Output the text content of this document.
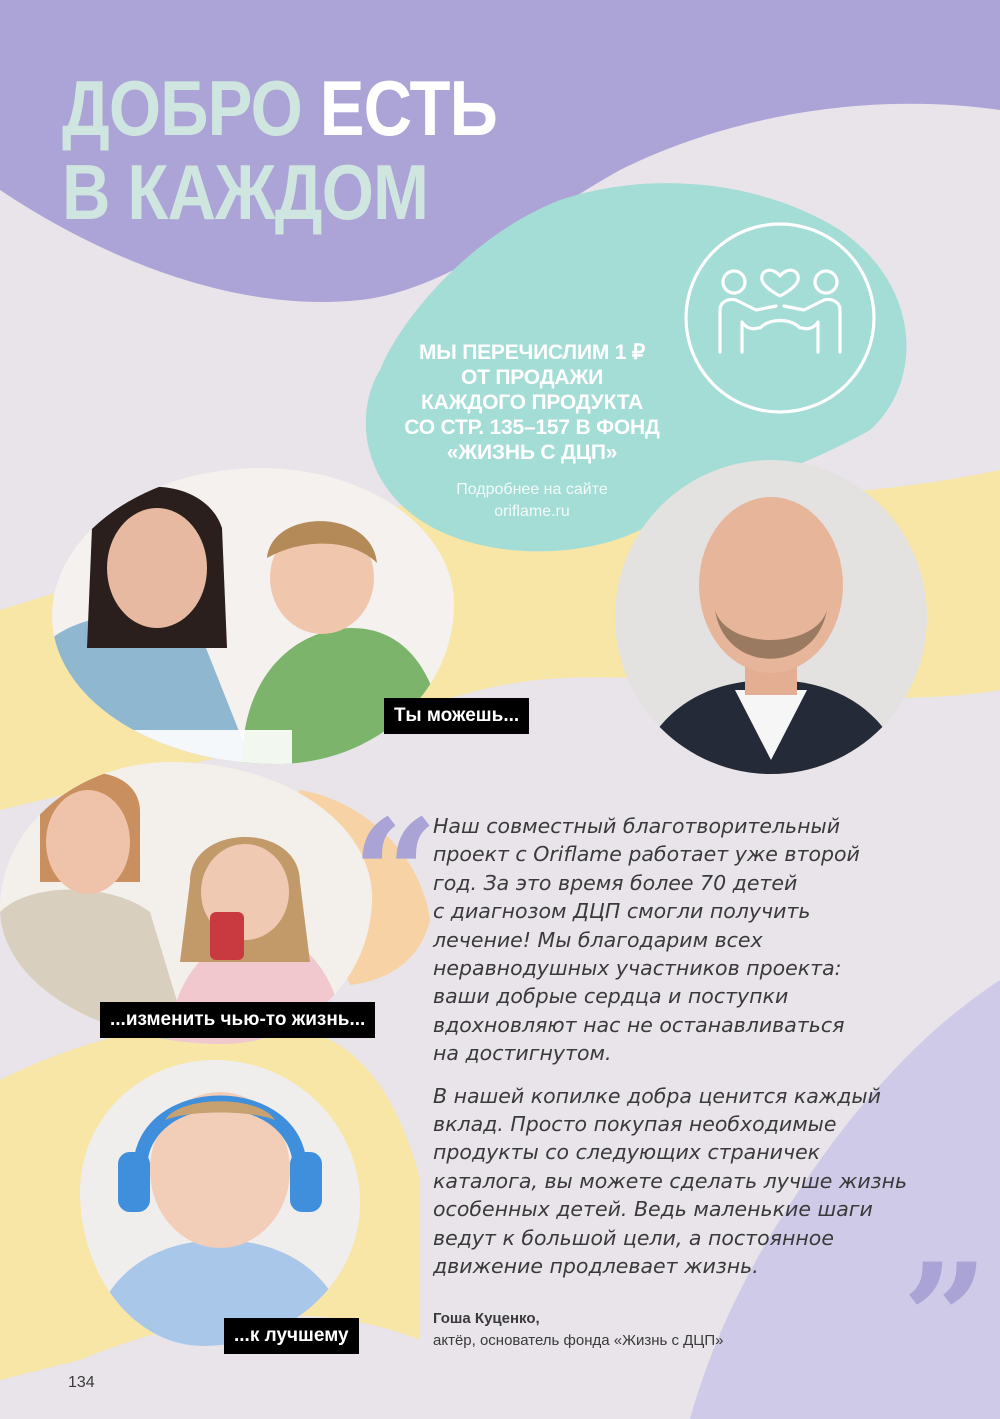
ДОБРО ЕСТЬ
В КАЖДОМ

МЫ ПЕРЕЧИСЛИМ 1 ₽
ОТ ПРОДАЖИ
КАЖДОГО ПРОДУКТА
СО СТР. 135–157 В ФОНД
«ЖИЗНЬ С ДЦП»

Подробнее на сайте
oriflame.ru

Ты можешь...
...изменить чью-то жизнь...
...к лучшему
“

Наш совместный благотворительный
проект с Oriflame работает уже второй
год. За это время более 70 детей
с диагнозом ДЦП смогли получить
лечение! Мы благодарим всех
неравнодушных участников проекта:
ваши добрые сердца и поступки
вдохновляют нас не останавливаться
на достигнутом.

В нашей копилке добра ценится каждый
вклад. Просто покупая необходимые
продукты со следующих страничек
каталога, вы можете сделать лучше жизнь
особенных детей. Ведь маленькие шаги
ведут к большой цели, а постоянное
движение продлевает жизнь. ”
Гоша Куценко,
актёр, основатель фонда «Жизнь с ДЦП»
134
